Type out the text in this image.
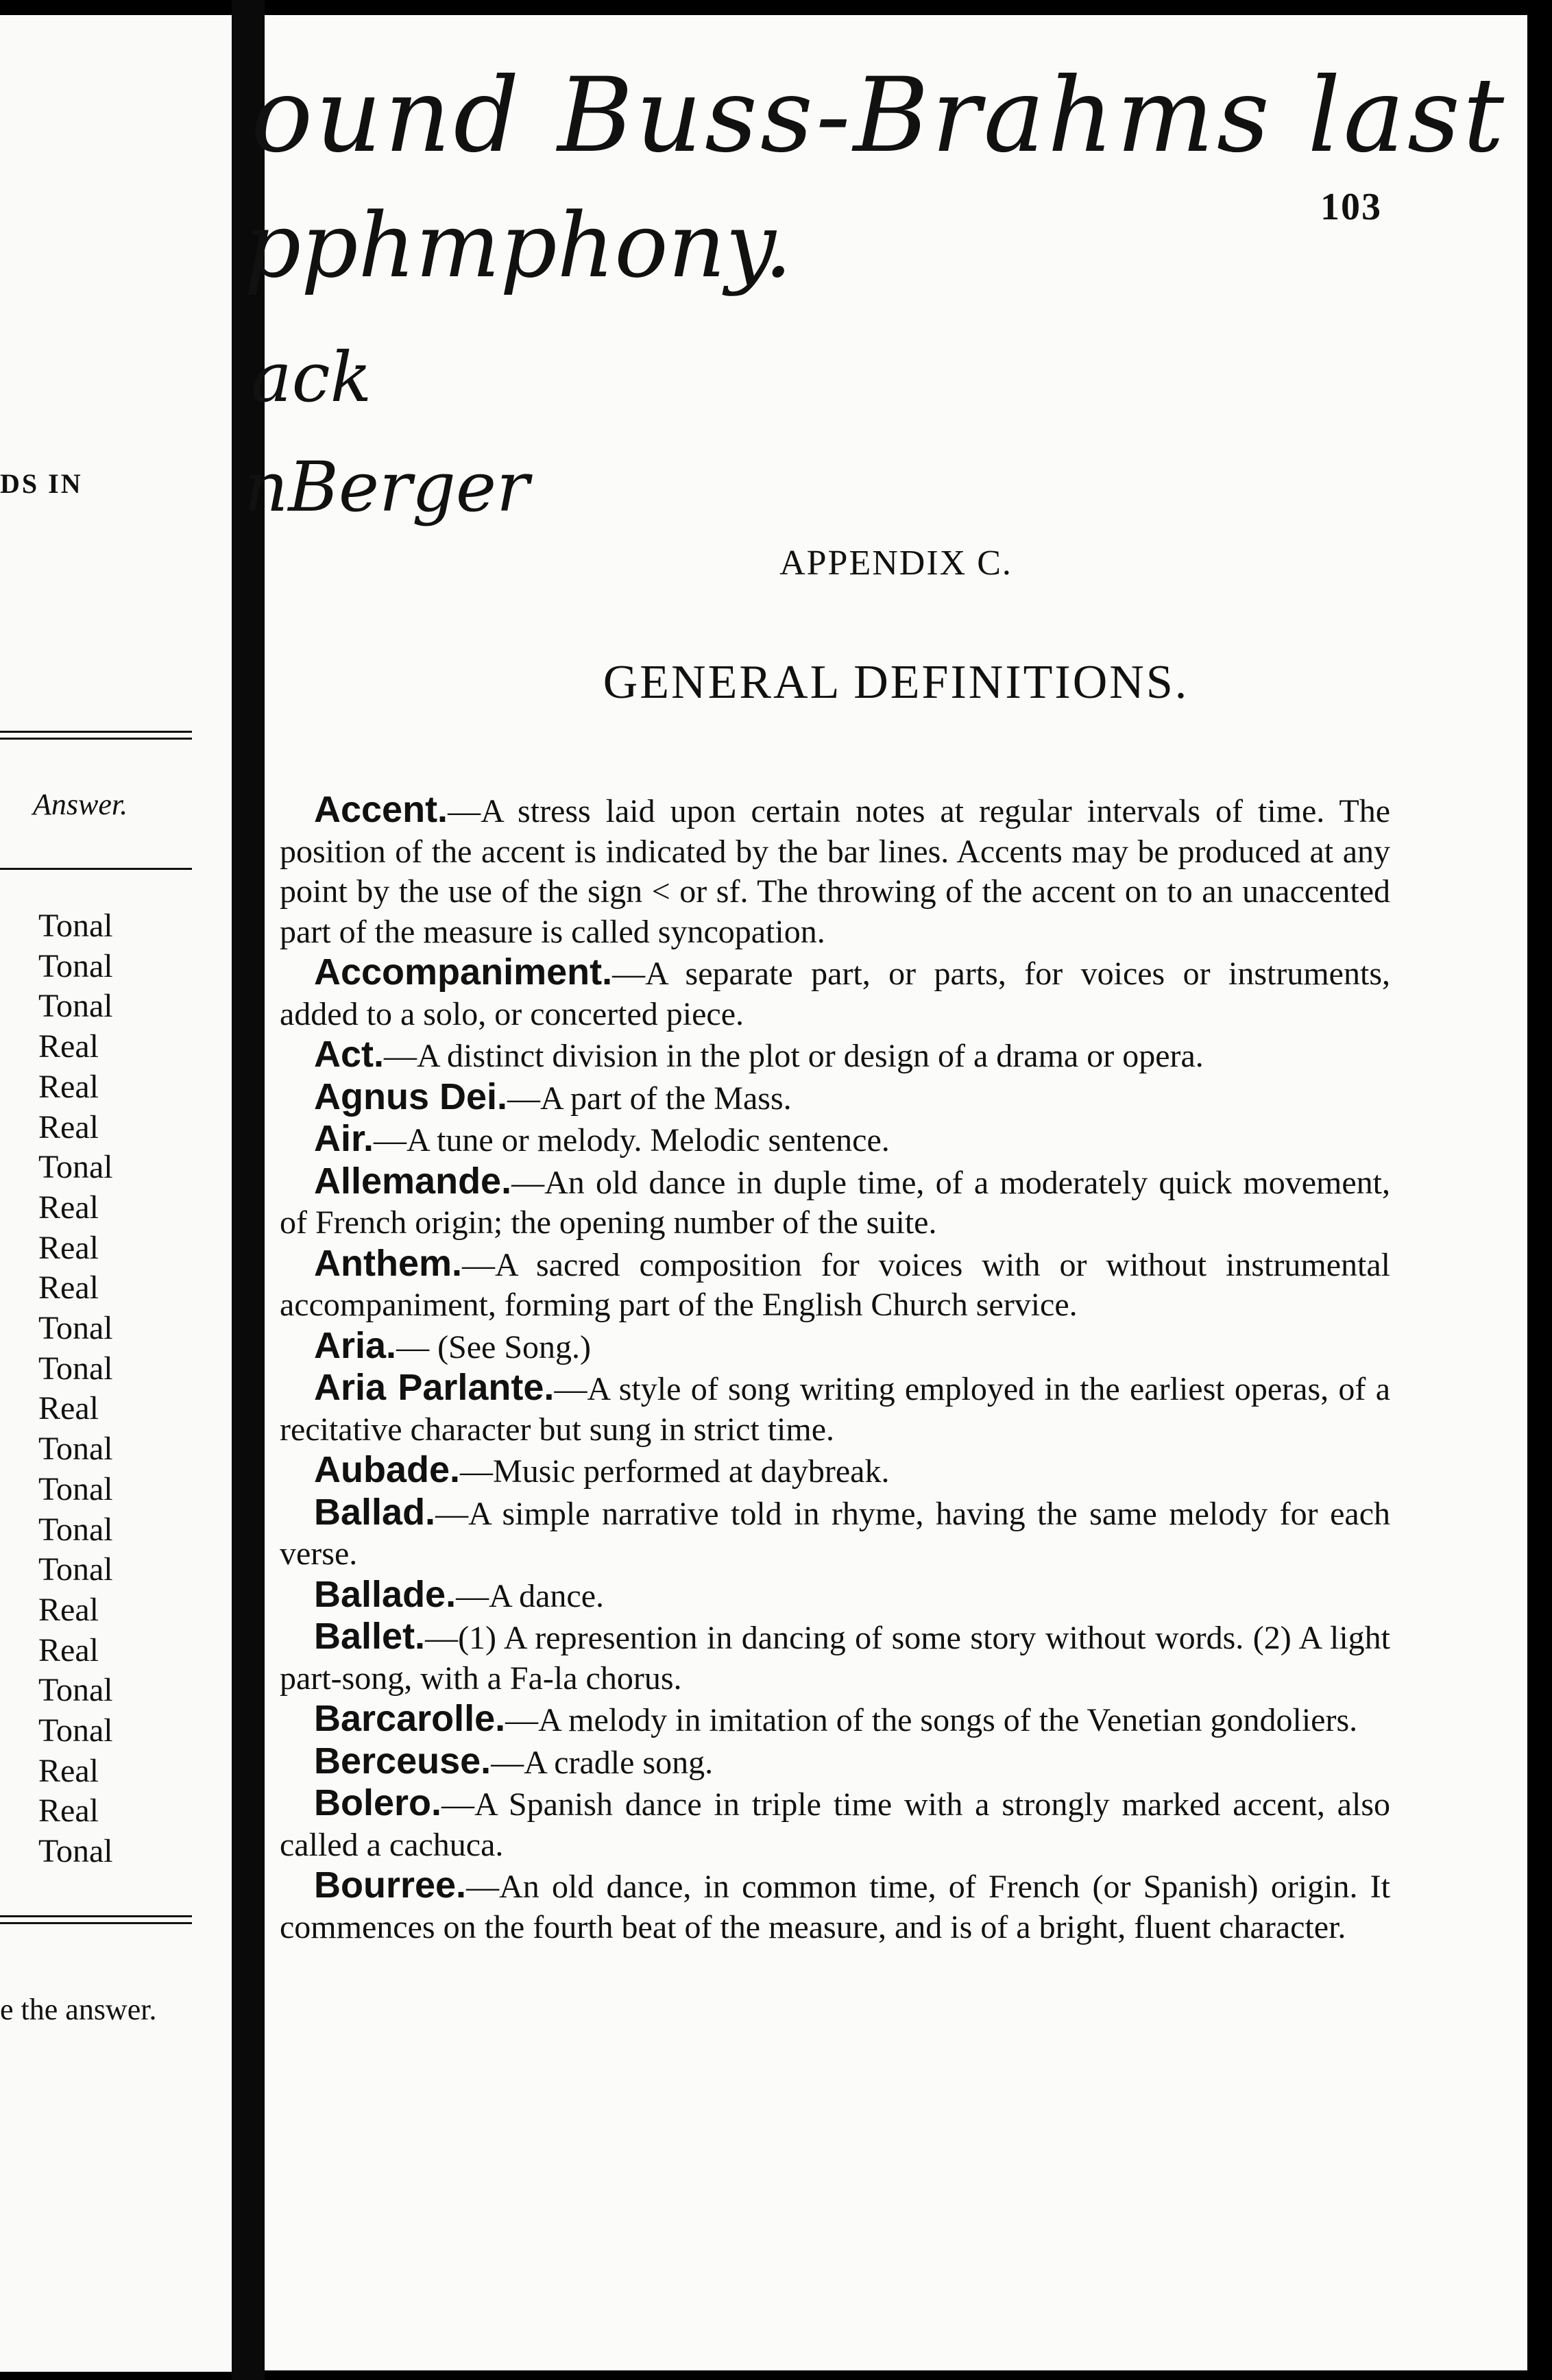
DS IN
Answer.
Tonal
Tonal
Tonal
Real
Real
Real
Tonal
Real
Real
Real
Tonal
Tonal
Real
Tonal
Tonal
Tonal
Tonal
Real
Real
Tonal
Tonal
Real
Real
Tonal
e the answer.
ound Buss-Brahms last
pphmphony.
ack
nBerger
103
APPENDIX C.
GENERAL DEFINITIONS.

Accent.—A stress laid upon certain notes at regular intervals of time. The position of the accent is indicated by the bar lines. Accents may be produced at any point by the use of the sign < or sf. The throwing of the accent on to an unaccented part of the measure is called syncopation.

Accompaniment.—A separate part, or parts, for voices or instruments, added to a solo, or concerted piece.

Act.—A distinct division in the plot or design of a drama or opera.

Agnus Dei.—A part of the Mass.

Air.—A tune or melody. Melodic sentence.

Allemande.—An old dance in duple time, of a moderately quick movement, of French origin; the opening number of the suite.

Anthem.—A sacred composition for voices with or without instrumental accompaniment, forming part of the English Church service.

Aria.— (See Song.)

Aria Parlante.—A style of song writing employed in the earliest operas, of a recitative character but sung in strict time.

Aubade.—Music performed at daybreak.

Ballad.—A simple narrative told in rhyme, having the same melody for each verse.

Ballade.—A dance.

Ballet.—(1) A represention in dancing of some story without words. (2) A light part-song, with a Fa-la chorus.

Barcarolle.—A melody in imitation of the songs of the Venetian gondoliers.

Berceuse.—A cradle song.

Bolero.—A Spanish dance in triple time with a strongly marked accent, also called a cachuca.

Bourree.—An old dance, in common time, of French (or Spanish) origin. It commences on the fourth beat of the measure, and is of a bright, fluent character.
